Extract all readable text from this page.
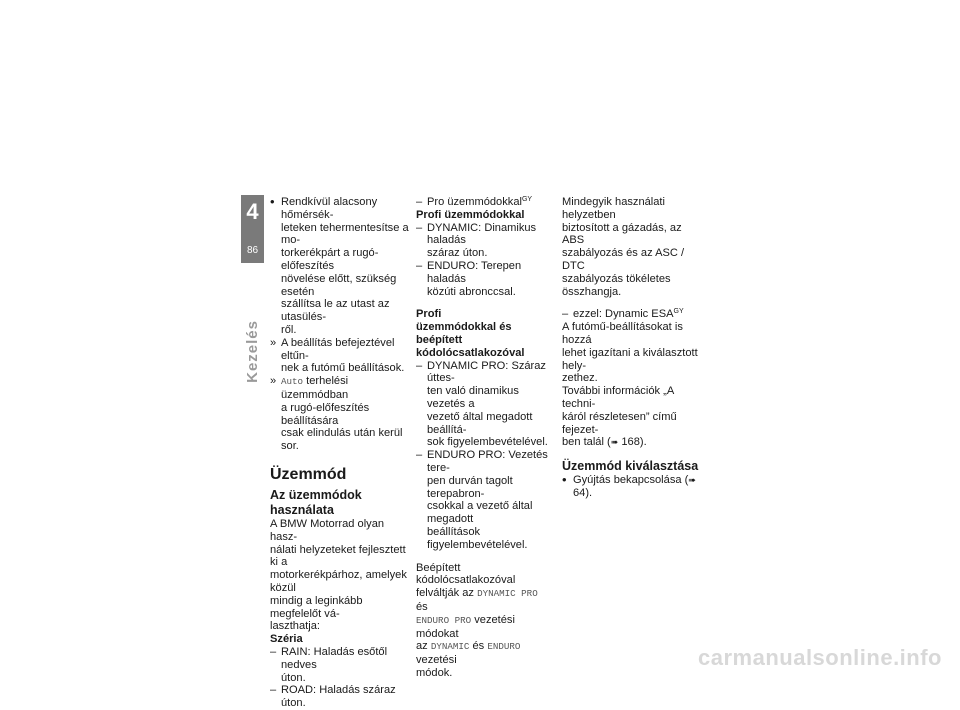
4
86
Kezelés
• Rendkívül alacsony hőmérsék-
leteken tehermentesítse a mo-
torkerékpárt a rugó-előfeszítés
növelése előtt, szükség esetén
szállítsa le az utast az utasülés-
ről.
» A beállítás befejeztével eltűn-
nek a futómű beállítások.
» Auto terhelési üzemmódban
a rugó-előfeszítés beállítására
csak elindulás után kerül sor.
Üzemmód
Az üzemmódok használata

A BMW Motorrad olyan hasz-
nálati helyzeteket fejlesztett ki a
motorkerékpárhoz, amelyek közül
mindig a leginkább megfelelőt vá-
laszthatja:

Széria
– RAIN: Haladás esőtől nedves
úton.
– ROAD: Haladás száraz úton.
– Pro üzemmódokkal$^{GY}$
Profi üzemmódokkal
– DYNAMIC: Dinamikus haladás
száraz úton.
– ENDURO: Terepen haladás
közúti abronccsal.
Profi
üzemmódokkal és beépített
kódolócsatlakozóval
– DYNAMIC PRO: Száraz úttes-
ten való dinamikus vezetés a
vezető által megadott beállítá-
sok figyelembevételével.
– ENDURO PRO: Vezetés tere-
pen durván tagolt terepabron-
csokkal a vezető által megadott
beállítások figyelembevételével.

Beépített kódolócsatlakozóval
felváltják az DYNAMIC PRO és
ENDURO PRO vezetési módokat
az DYNAMIC és ENDURO vezetési
módok.

Mindegyik használati helyzetben
biztosított a gázadás, az ABS
szabályozás és az ASC / DTC
szabályozás tökéletes összhangja.

– ezzel: Dynamic $ESA^{GY}$

A futómű-beállításokat is hozzá
lehet igazítani a kiválasztott hely-
zethez.
További információk „A techni-
káról részletesen” című fejezet-
ben talál (➠ 168).

Üzemmód kiválasztása
• Gyújtás bekapcsolása (➠ 64).
carmanualsonline.info
